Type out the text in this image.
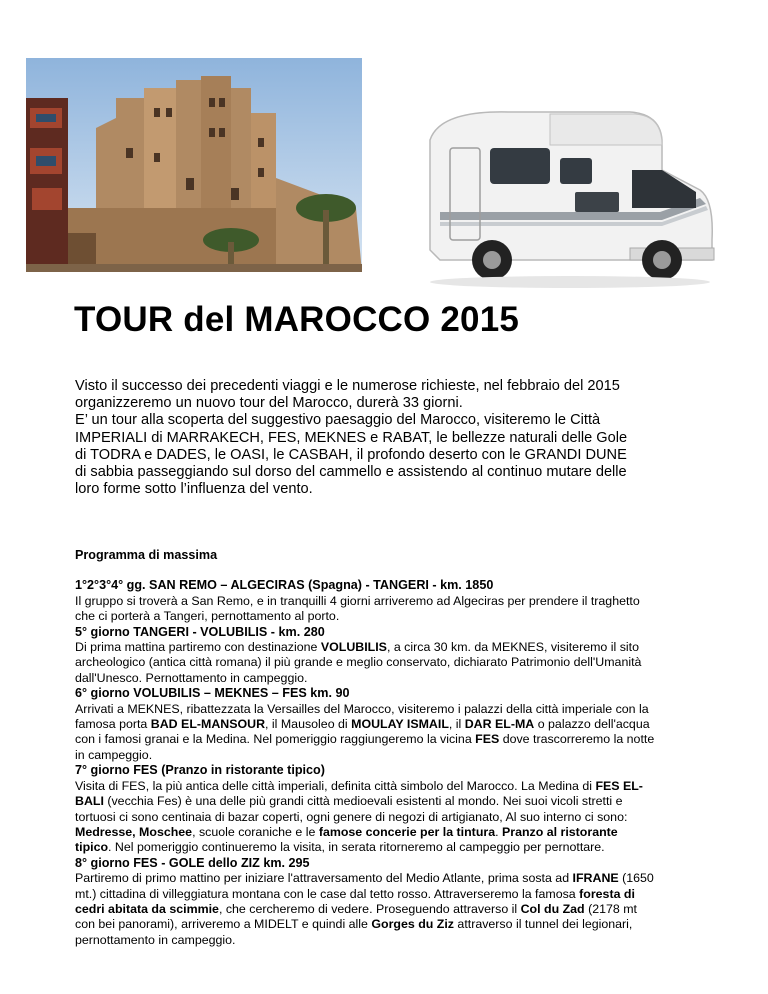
TOUR del MAROCCO 2015

Visto il successo dei precedenti viaggi e le numerose richieste, nel febbraio del 2015 organizzeremo un nuovo tour del Marocco, durerà 33 giorni.

E’ un tour alla scoperta del suggestivo paesaggio del Marocco, visiteremo le Città IMPERIALI di MARRAKECH, FES, MEKNES e RABAT, le bellezze naturali delle Gole di TODRA e DADES, le OASI, le CASBAH, il profondo deserto con le GRANDI DUNE di sabbia passeggiando sul dorso del cammello e assistendo al continuo mutare delle loro forme sotto l’influenza del vento.

Programma di massima

1°2°3°4° gg. SAN REMO – ALGECIRAS (Spagna) - TANGERI - km. 1850

Il gruppo si troverà a San Remo, e in tranquilli 4 giorni arriveremo ad Algeciras per prendere il traghetto che ci porterà a Tangeri, pernottamento al porto.

5° giorno TANGERI - VOLUBILIS - km. 280

Di prima mattina partiremo con destinazione VOLUBILIS, a circa 30 km. da MEKNES, visiteremo il sito archeologico (antica città romana) il più grande e meglio conservato, dichiarato Patrimonio dell'Umanità dall'Unesco. Pernottamento in campeggio.

6° giorno VOLUBILIS – MEKNES – FES km. 90

Arrivati a MEKNES, ribattezzata la Versailles del Marocco, visiteremo i palazzi della città imperiale con la famosa porta BAD EL-MANSOUR, il Mausoleo di MOULAY ISMAIL, il DAR EL-MA o palazzo dell'acqua con i famosi granai e la Medina. Nel pomeriggio raggiungeremo la vicina FES dove trascorreremo la notte in campeggio.

7° giorno FES (Pranzo in ristorante tipico)

Visita di FES, la più antica delle città imperiali, definita città simbolo del Marocco. La Medina di FES EL-BALI (vecchia Fes) è una delle più grandi città medioevali esistenti al mondo. Nei suoi vicoli stretti e tortuosi ci sono centinaia di bazar coperti, ogni genere di negozi di artigianato, Al suo interno ci sono: Medresse, Moschee, scuole coraniche e le famose concerie per la tintura. Pranzo al ristorante tipico. Nel pomeriggio continueremo la visita, in serata ritorneremo al campeggio per pernottare.

8° giorno FES - GOLE dello ZIZ km. 295

Partiremo di primo mattino per iniziare l'attraversamento del Medio Atlante, prima sosta ad IFRANE (1650 mt.) cittadina di villeggiatura montana con le case dal tetto rosso. Attraverseremo la famosa foresta di cedri abitata da scimmie, che cercheremo di vedere. Proseguendo attraverso il Col du Zad (2178 mt con bei panorami), arriveremo a MIDELT e quindi alle Gorges du Ziz attraverso il tunnel dei legionari, pernottamento in campeggio.
